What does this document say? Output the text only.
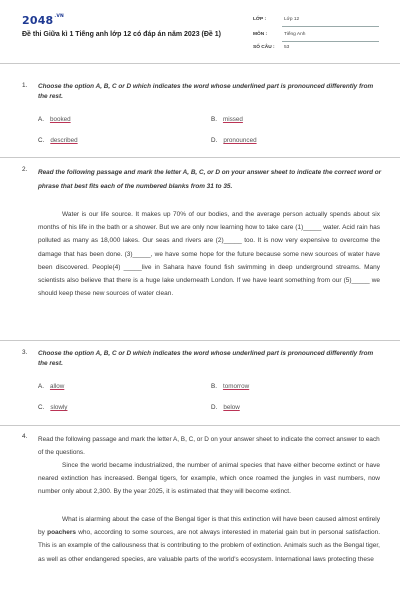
$2048^{.VN}$
Đề thi Giữa kì 1 Tiếng anh lớp 12 có đáp án năm 2023 (Đề 1)
LỚP :	Lớp 12
MÔN :	Tiếng Anh
SỐ CÂU : 53
1. Choose the option A, B, C or D which indicates the word whose underlined part is pronounced differently from the rest.
A. booked	B. missed
C. described	D. pronounced
2. Read the following passage and mark the letter A, B, C, or D on your answer sheet to indicate the correct word or phrase that best fits each of the numbered blanks from 31 to 35.
Water is our life source. It makes up 70% of our bodies, and the average person actually spends about six months of his life in the bath or a shower. But we are only now learning how to take care (1)_____ water. Acid rain has polluted as many as 18,000 lakes. Our seas and rivers are (2)_____ too. It is now very expensive to overcome the damage that has been done. (3)_____, we have some hope for the future because some new sources of water have been discovered. People(4) _____live in Sahara have found fish swimming in deep underground streams. Many scientists also believe that there is a huge lake underneath London. If we have leant something from our (5)_____ we should keep these new sources of water clean.
3. Choose the option A, B, C or D which indicates the word whose underlined part is pronounced differently from the rest.
A. allow	B. tomorrow
C. slowly	D. below
4. Read the following passage and mark the letter A, B, C, or D on your answer sheet to indicate the correct answer to each of the questions.
Since the world became industrialized, the number of animal species that have either become extinct or have neared extinction has increased. Bengal tigers, for example, which once roamed the jungles in vast numbers, now number only about 2,300. By the year 2025, it is estimated that they will become extinct.
What is alarming about the case of the Bengal tiger is that this extinction will have been caused almost entirely by poachers who, according to some sources, are not always interested in material gain but in personal satisfaction. This is an example of the callousness that is contributing to the problem of extinction. Animals such as the Bengal tiger, as well as other endangered species, are valuable parts of the world's ecosystem. International laws protecting these
